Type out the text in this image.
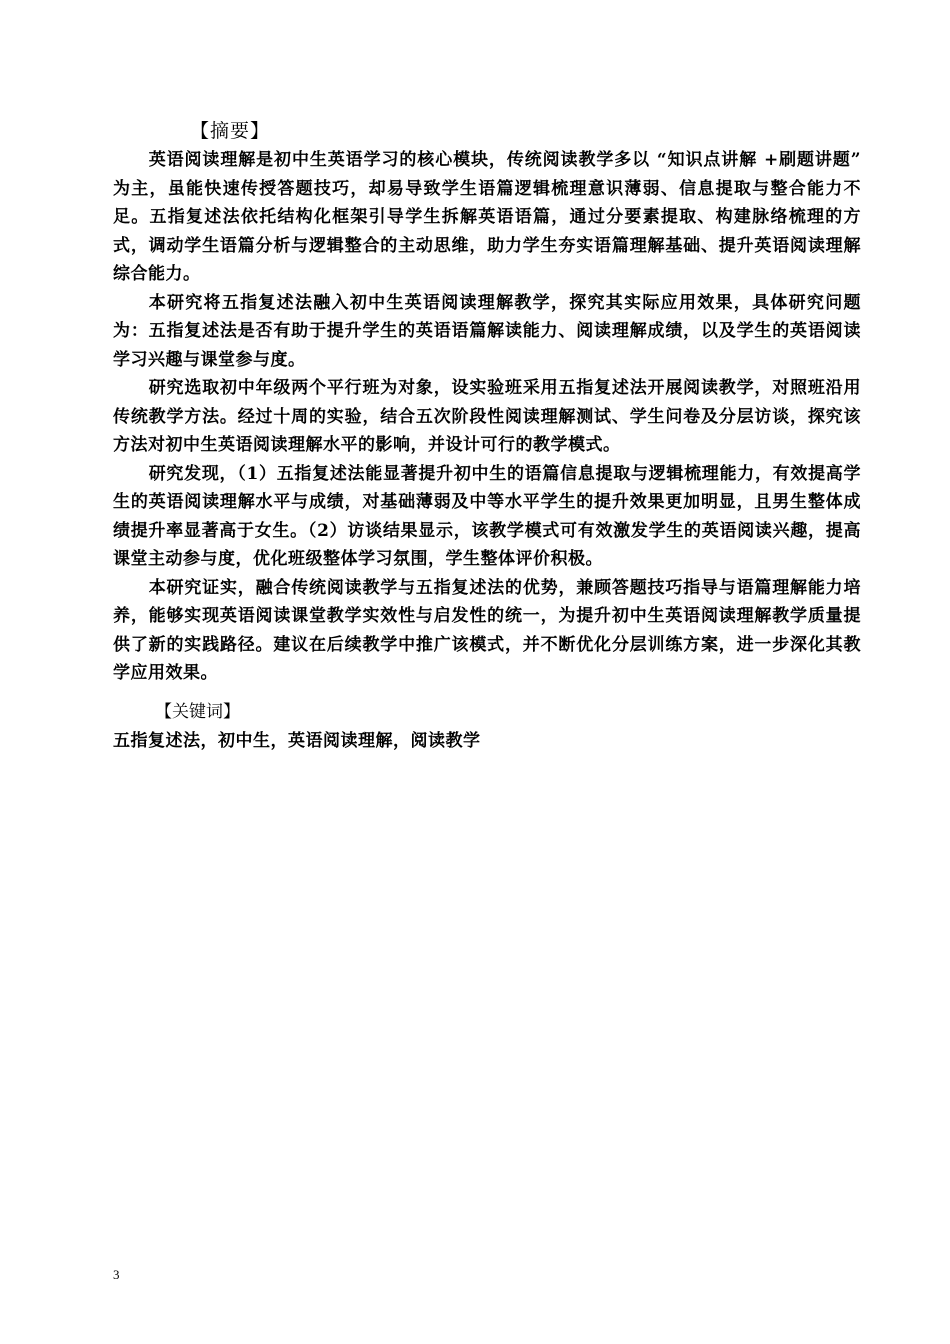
【摘要】

英语阅读理解是初中生英语学习的核心模块，传统阅读教学多以 “知识点讲解 +刷题讲题” 为主，虽能快速传授答题技巧，却易导致学生语篇逻辑梳理意识薄弱、信息提取与整合能力不足。五指复述法依托结构化框架引导学生拆解英语语篇，通过分要素提取、构建脉络梳理的方式，调动学生语篇分析与逻辑整合的主动思维，助力学生夯实语篇理解基础、提升英语阅读理解综合能力。

本研究将五指复述法融入初中生英语阅读理解教学，探究其实际应用效果，具体研究问题为：五指复述法是否有助于提升学生的英语语篇解读能力、阅读理解成绩，以及学生的英语阅读学习兴趣与课堂参与度。

研究选取初中年级两个平行班为对象，设实验班采用五指复述法开展阅读教学，对照班沿用传统教学方法。经过十周的实验，结合五次阶段性阅读理解测试、学生问卷及分层访谈，探究该方法对初中生英语阅读理解水平的影响，并设计可行的教学模式。

研究发现，（1）五指复述法能显著提升初中生的语篇信息提取与逻辑梳理能力，有效提高学生的英语阅读理解水平与成绩，对基础薄弱及中等水平学生的提升效果更加明显，且男生整体成绩提升率显著高于女生。（2）访谈结果显示，该教学模式可有效激发学生的英语阅读兴趣，提高课堂主动参与度，优化班级整体学习氛围，学生整体评价积极。

本研究证实，融合传统阅读教学与五指复述法的优势，兼顾答题技巧指导与语篇理解能力培养，能够实现英语阅读课堂教学实效性与启发性的统一，为提升初中生英语阅读理解教学质量提供了新的实践路径。建议在后续教学中推广该模式，并不断优化分层训练方案，进一步深化其教学应用效果。

【关键词】
五指复述法，初中生，英语阅读理解，阅读教学
3
